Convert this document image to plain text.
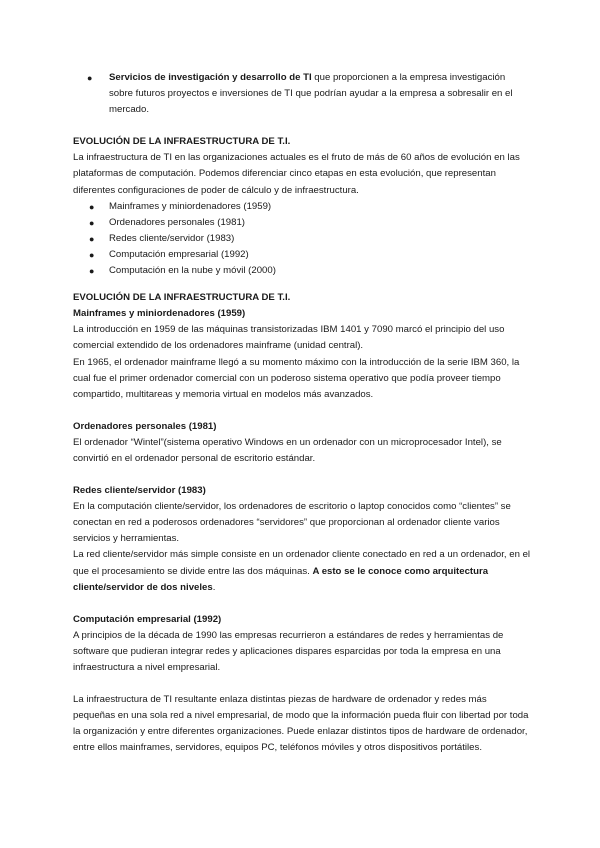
● Servicios de investigación y desarrollo de TI que proporcionen a la empresa investigación sobre futuros proyectos e inversiones de TI que podrían ayudar a la empresa a sobresalir en el mercado.

EVOLUCIÓN DE LA INFRAESTRUCTURA DE T.I.

La infraestructura de TI en las organizaciones actuales es el fruto de más de 60 años de evolución en las plataformas de computación. Podemos diferenciar cinco etapas en esta evolución, que representan diferentes configuraciones de poder de cálculo y de infraestructura.

● Mainframes y miniordenadores (1959)
● Ordenadores personales (1981)
● Redes cliente/servidor (1983)
● Computación empresarial (1992)
● Computación en la nube y móvil (2000)

EVOLUCIÓN DE LA INFRAESTRUCTURA DE T.I.

Mainframes y miniordenadores (1959)

La introducción en 1959 de las máquinas transistorizadas IBM 1401 y 7090 marcó el principio del uso comercial extendido de los ordenadores mainframe (unidad central).

En 1965, el ordenador mainframe llegó a su momento máximo con la introducción de la serie IBM 360, la cual fue el primer ordenador comercial con un poderoso sistema operativo que podía proveer tiempo compartido, multitareas y memoria virtual en modelos más avanzados.

Ordenadores personales (1981)

El ordenador “Wintel”(sistema operativo Windows en un ordenador con un microprocesador Intel), se convirtió en el ordenador personal de escritorio estándar.

Redes cliente/servidor (1983)

En la computación cliente/servidor, los ordenadores de escritorio o laptop conocidos como “clientes” se conectan en red a poderosos ordenadores “servidores” que proporcionan al ordenador cliente varios servicios y herramientas.

La red cliente/servidor más simple consiste en un ordenador cliente conectado en red a un ordenador, en el que el procesamiento se divide entre las dos máquinas. A esto se le conoce como arquitectura cliente/servidor de dos niveles.

Computación empresarial (1992)

A principios de la década de 1990 las empresas recurrieron a estándares de redes y herramientas de software que pudieran integrar redes y aplicaciones dispares esparcidas por toda la empresa en una infraestructura a nivel empresarial.

La infraestructura de TI resultante enlaza distintas piezas de hardware de ordenador y redes más pequeñas en una sola red a nivel empresarial, de modo que la información pueda fluir con libertad por toda la organización y entre diferentes organizaciones. Puede enlazar distintos tipos de hardware de ordenador, entre ellos mainframes, servidores, equipos PC, teléfonos móviles y otros dispositivos portátiles.
